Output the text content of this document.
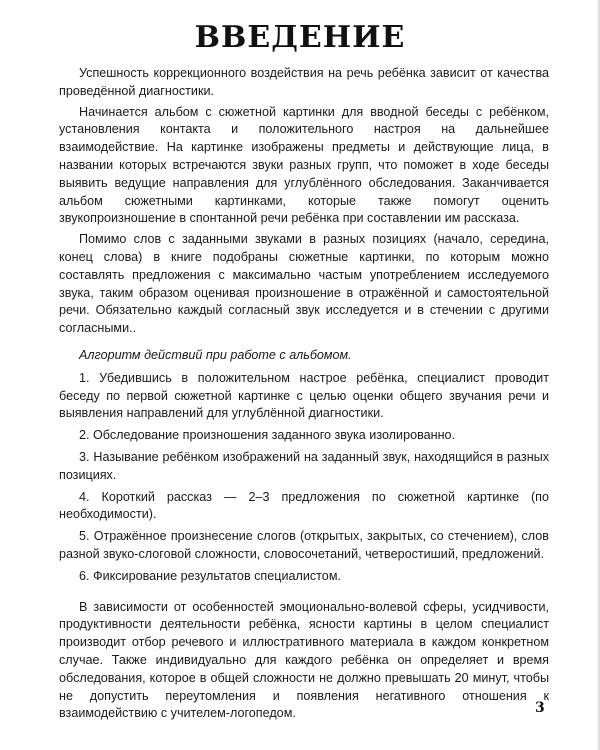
ВВЕДЕНИЕ

Успешность коррекционного воздействия на речь ребёнка зависит от качества проведённой диагностики.

Начинается альбом с сюжетной картинки для вводной беседы с ребёнком, установления контакта и положительного настроя на дальнейшее взаимодействие. На картинке изображены предметы и действующие лица, в названии которых встречаются звуки разных групп, что поможет в ходе беседы выявить ведущие направления для углублённого обследования. Заканчивается альбом сюжетными картинками, которые также помогут оценить звукопроизношение в спонтанной речи ребёнка при составлении им рассказа.

Помимо слов с заданными звуками в разных позициях (начало, середина, конец слова) в книге подобраны сюжетные картинки, по которым можно составлять предложения с максимально частым употреблением исследуемого звука, таким образом оценивая произношение в отражённой и самостоятельной речи. Обязательно каждый согласный звук исследуется и в стечении с другими согласными..

Алгоритм действий при работе с альбомом.

1. Убедившись в положительном настрое ребёнка, специалист проводит беседу по первой сюжетной картинке с целью оценки общего звучания речи и выявления направлений для углублённой диагностики.
2. Обследование произношения заданного звука изолированно.
3. Называние ребёнком изображений на заданный звук, находящийся в разных позициях.
4. Короткий рассказ — 2–3 предложения по сюжетной картинке (по необходимости).
5. Отражённое произнесение слогов (открытых, закрытых, со стечением), слов разной звуко-слоговой сложности, словосочетаний, четверостиший, предложений.
6. Фиксирование результатов специалистом.

В зависимости от особенностей эмоционально-волевой сферы, усидчивости, продуктивности деятельности ребёнка, ясности картины в целом специалист производит отбор речевого и иллюстративного материала в каждом конкретном случае. Также индивидуально для каждого ребёнка он определяет и время обследования, которое в общей сложности не должно превышать 20 минут, чтобы не допустить переутомления и появления негативного отношения к взаимодействию с учителем-логопедом.	3
